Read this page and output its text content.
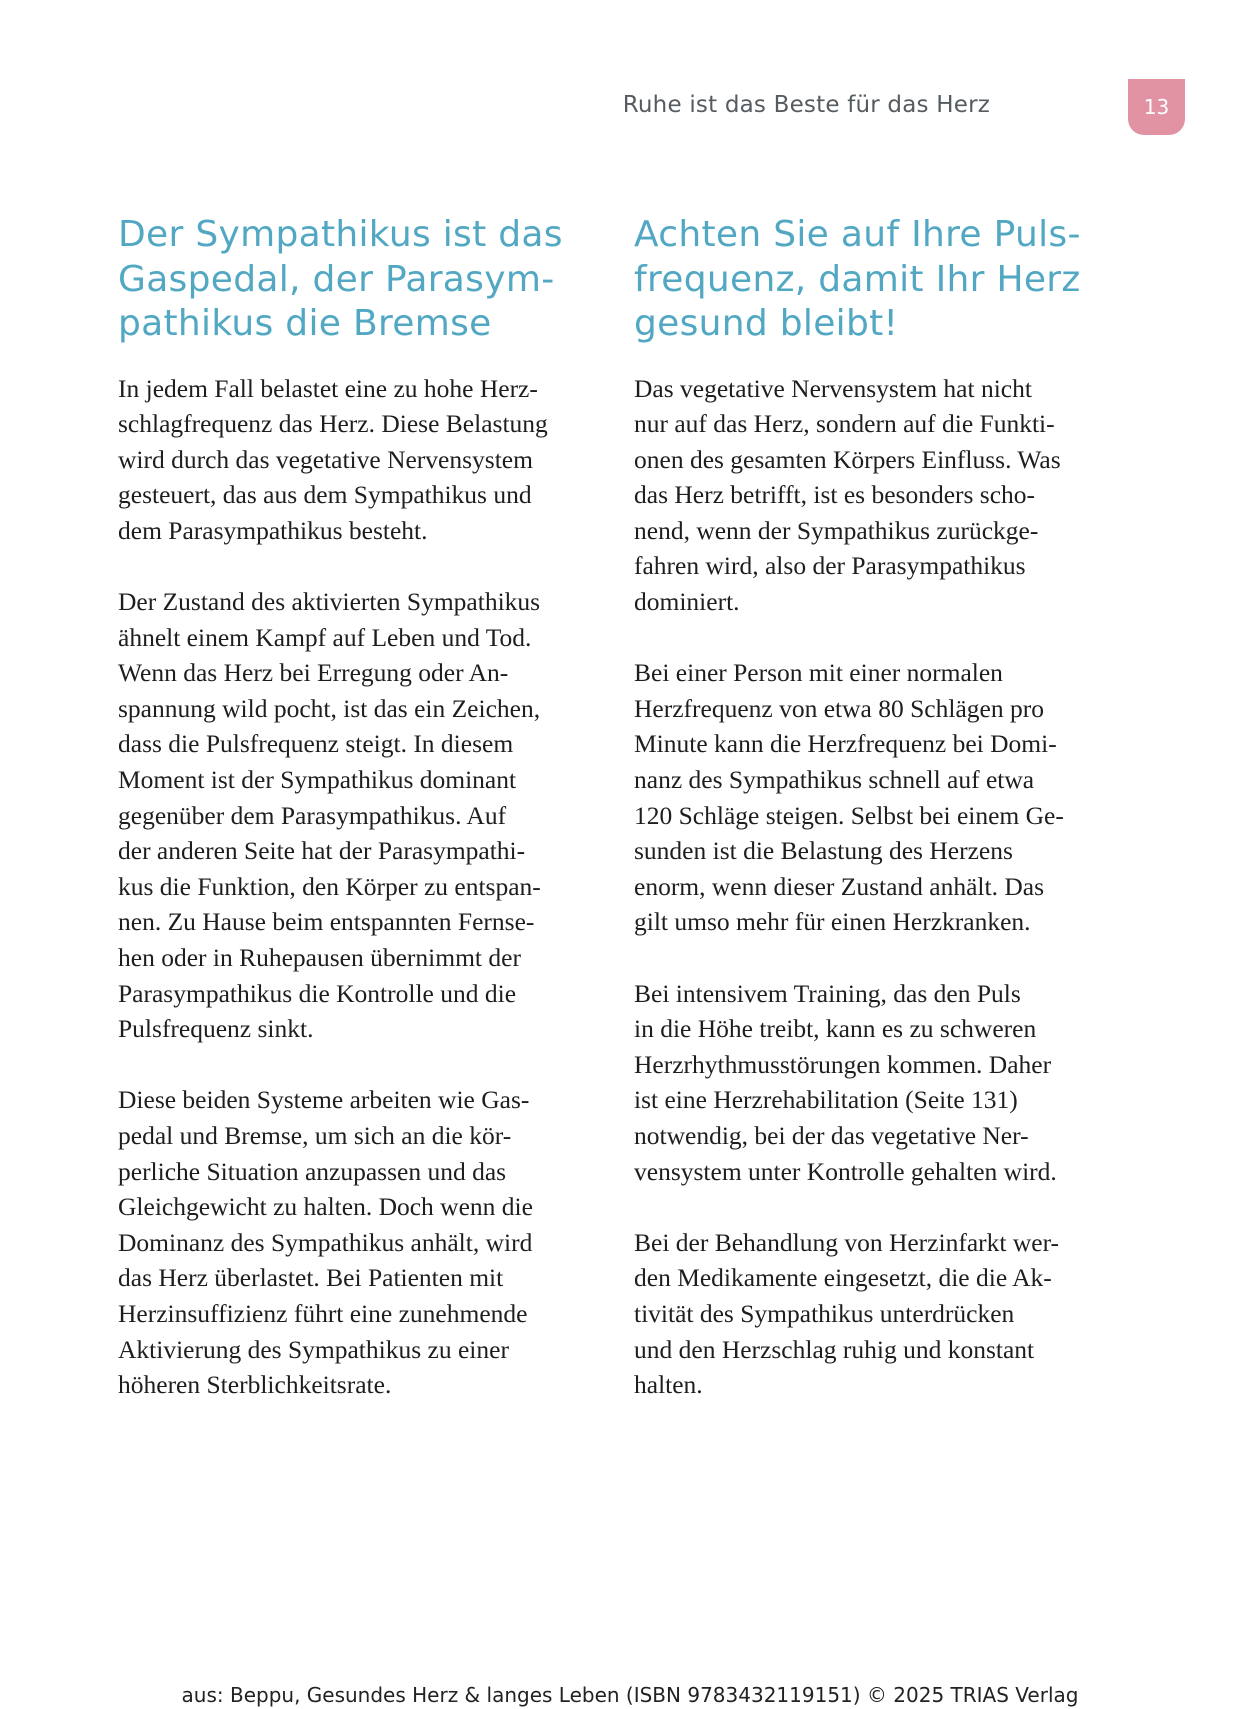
Ruhe ist das Beste für das Herz	13
Der Sympathikus ist das
Gaspedal, der Parasym-
pathikus die Bremse

In jedem Fall belastet eine zu hohe Herz-
schlagfrequenz das Herz. Diese Belastung
wird durch das vegetative Nervensystem
gesteuert, das aus dem Sympathikus und
dem Parasympathikus besteht.

Der Zustand des aktivierten Sympathikus
ähnelt einem Kampf auf Leben und Tod.
Wenn das Herz bei Erregung oder An-
spannung wild pocht, ist das ein Zeichen,
dass die Pulsfrequenz steigt. In diesem
Moment ist der Sympathikus dominant
gegenüber dem Parasympathikus. Auf
der anderen Seite hat der Parasympathi-
kus die Funktion, den Körper zu entspan-
nen. Zu Hause beim entspannten Fernse-
hen oder in Ruhepausen übernimmt der
Parasympathikus die Kontrolle und die
Pulsfrequenz sinkt.

Diese beiden Systeme arbeiten wie Gas-
pedal und Bremse, um sich an die kör-
perliche Situation anzupassen und das
Gleichgewicht zu halten. Doch wenn die
Dominanz des Sympathikus anhält, wird
das Herz überlastet. Bei Patienten mit
Herzinsuffizienz führt eine zunehmende
Aktivierung des Sympathikus zu einer
höheren Sterblichkeitsrate.

Achten Sie auf Ihre Puls-
frequenz, damit Ihr Herz
gesund bleibt!

Das vegetative Nervensystem hat nicht
nur auf das Herz, sondern auf die Funkti-
onen des gesamten Körpers Einfluss. Was
das Herz betrifft, ist es besonders scho-
nend, wenn der Sympathikus zurückge-
fahren wird, also der Parasympathikus
dominiert.

Bei einer Person mit einer normalen
Herzfrequenz von etwa 80 Schlägen pro
Minute kann die Herzfrequenz bei Domi-
nanz des Sympathikus schnell auf etwa
120 Schläge steigen. Selbst bei einem Ge-
sunden ist die Belastung des Herzens
enorm, wenn dieser Zustand anhält. Das
gilt umso mehr für einen Herzkranken.

Bei intensivem Training, das den Puls
in die Höhe treibt, kann es zu schweren
Herzrhythmusstörungen kommen. Daher
ist eine Herzrehabilitation (Seite 131)
notwendig, bei der das vegetative Ner-
vensystem unter Kontrolle gehalten wird.

Bei der Behandlung von Herzinfarkt wer-
den Medikamente eingesetzt, die die Ak-
tivität des Sympathikus unterdrücken
und den Herzschlag ruhig und konstant
halten.

aus: Beppu, Gesundes Herz & langes Leben (ISBN 9783432119151) © 2025 TRIAS Verlag
